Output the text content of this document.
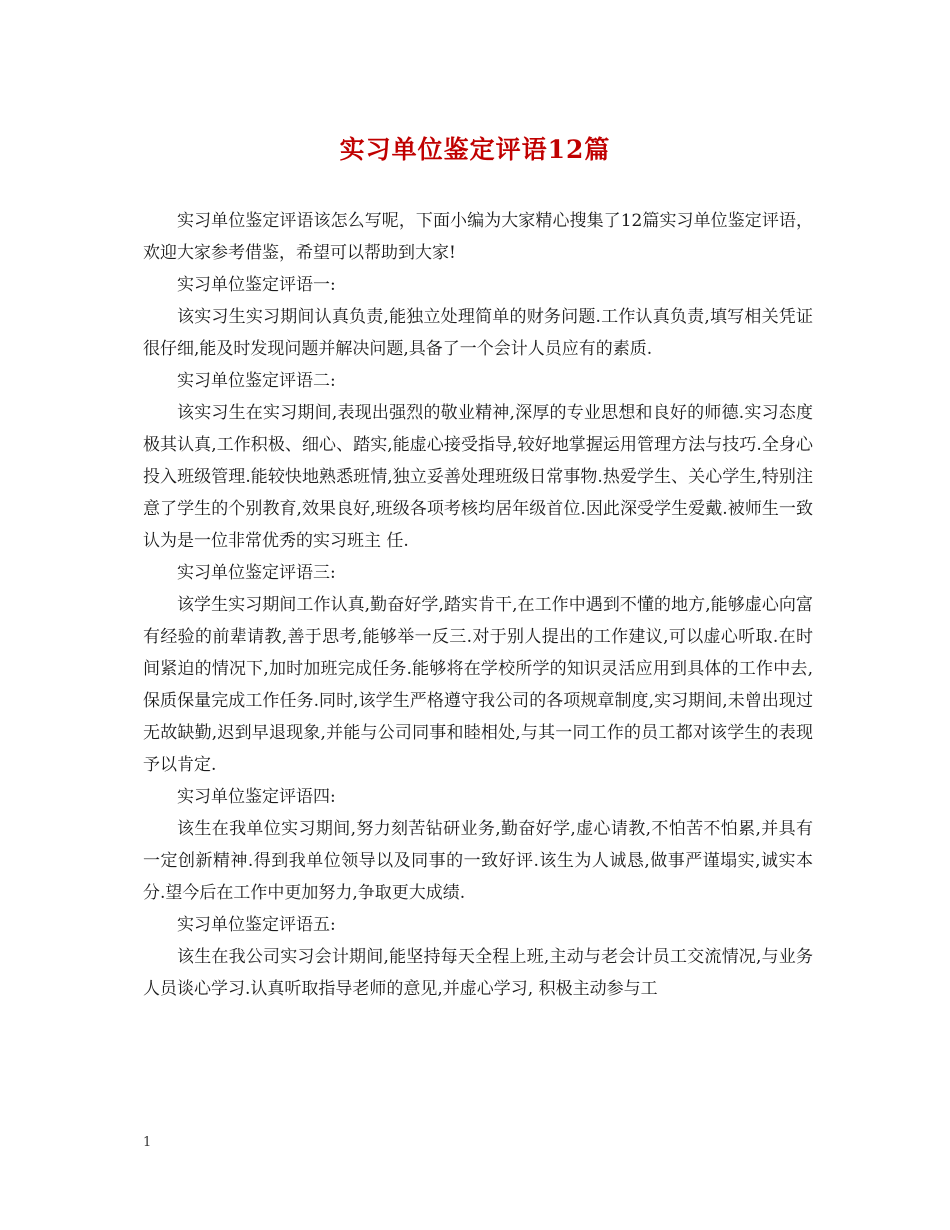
实习单位鉴定评语12篇

实习单位鉴定评语该怎么写呢，下面小编为大家精心搜集了12篇实习单位鉴定评语，欢迎大家参考借鉴，希望可以帮助到大家!

实习单位鉴定评语一:

该实习生实习期间认真负责,能独立处理简单的财务问题.工作认真负责,填写相关凭证很仔细,能及时发现问题并解决问题,具备了一个会计人员应有的素质.

实习单位鉴定评语二:

该实习生在实习期间,表现出强烈的敬业精神,深厚的专业思想和良好的师德.实习态度极其认真,工作积极、细心、踏实,能虚心接受指导,较好地掌握运用管理方法与技巧.全身心投入班级管理.能较快地熟悉班情,独立妥善处理班级日常事物.热爱学生、关心学生,特别注意了学生的个别教育,效果良好,班级各项考核均居年级首位.因此深受学生爱戴.被师生一致认为是一位非常优秀的实习班主 任.

实习单位鉴定评语三:

该学生实习期间工作认真,勤奋好学,踏实肯干,在工作中遇到不懂的地方,能够虚心向富有经验的前辈请教,善于思考,能够举一反三.对于别人提出的工作建议,可以虚心听取.在时间紧迫的情况下,加时加班完成任务.能够将在学校所学的知识灵活应用到具体的工作中去,保质保量完成工作任务.同时,该学生严格遵守我公司的各项规章制度,实习期间,未曾出现过无故缺勤,迟到早退现象,并能与公司同事和睦相处,与其一同工作的员工都对该学生的表现予以肯定.

实习单位鉴定评语四:

该生在我单位实习期间,努力刻苦钻研业务,勤奋好学,虚心请教,不怕苦不怕累,并具有一定创新精神.得到我单位领导以及同事的一致好评.该生为人诚恳,做事严谨塌实,诚实本分.望今后在工作中更加努力,争取更大成绩.

实习单位鉴定评语五:

该生在我公司实习会计期间,能坚持每天全程上班,主动与老会计员工交流情况,与业务人员谈心学习.认真听取指导老师的意见,并虚心学习, 积极主动参与工

1
